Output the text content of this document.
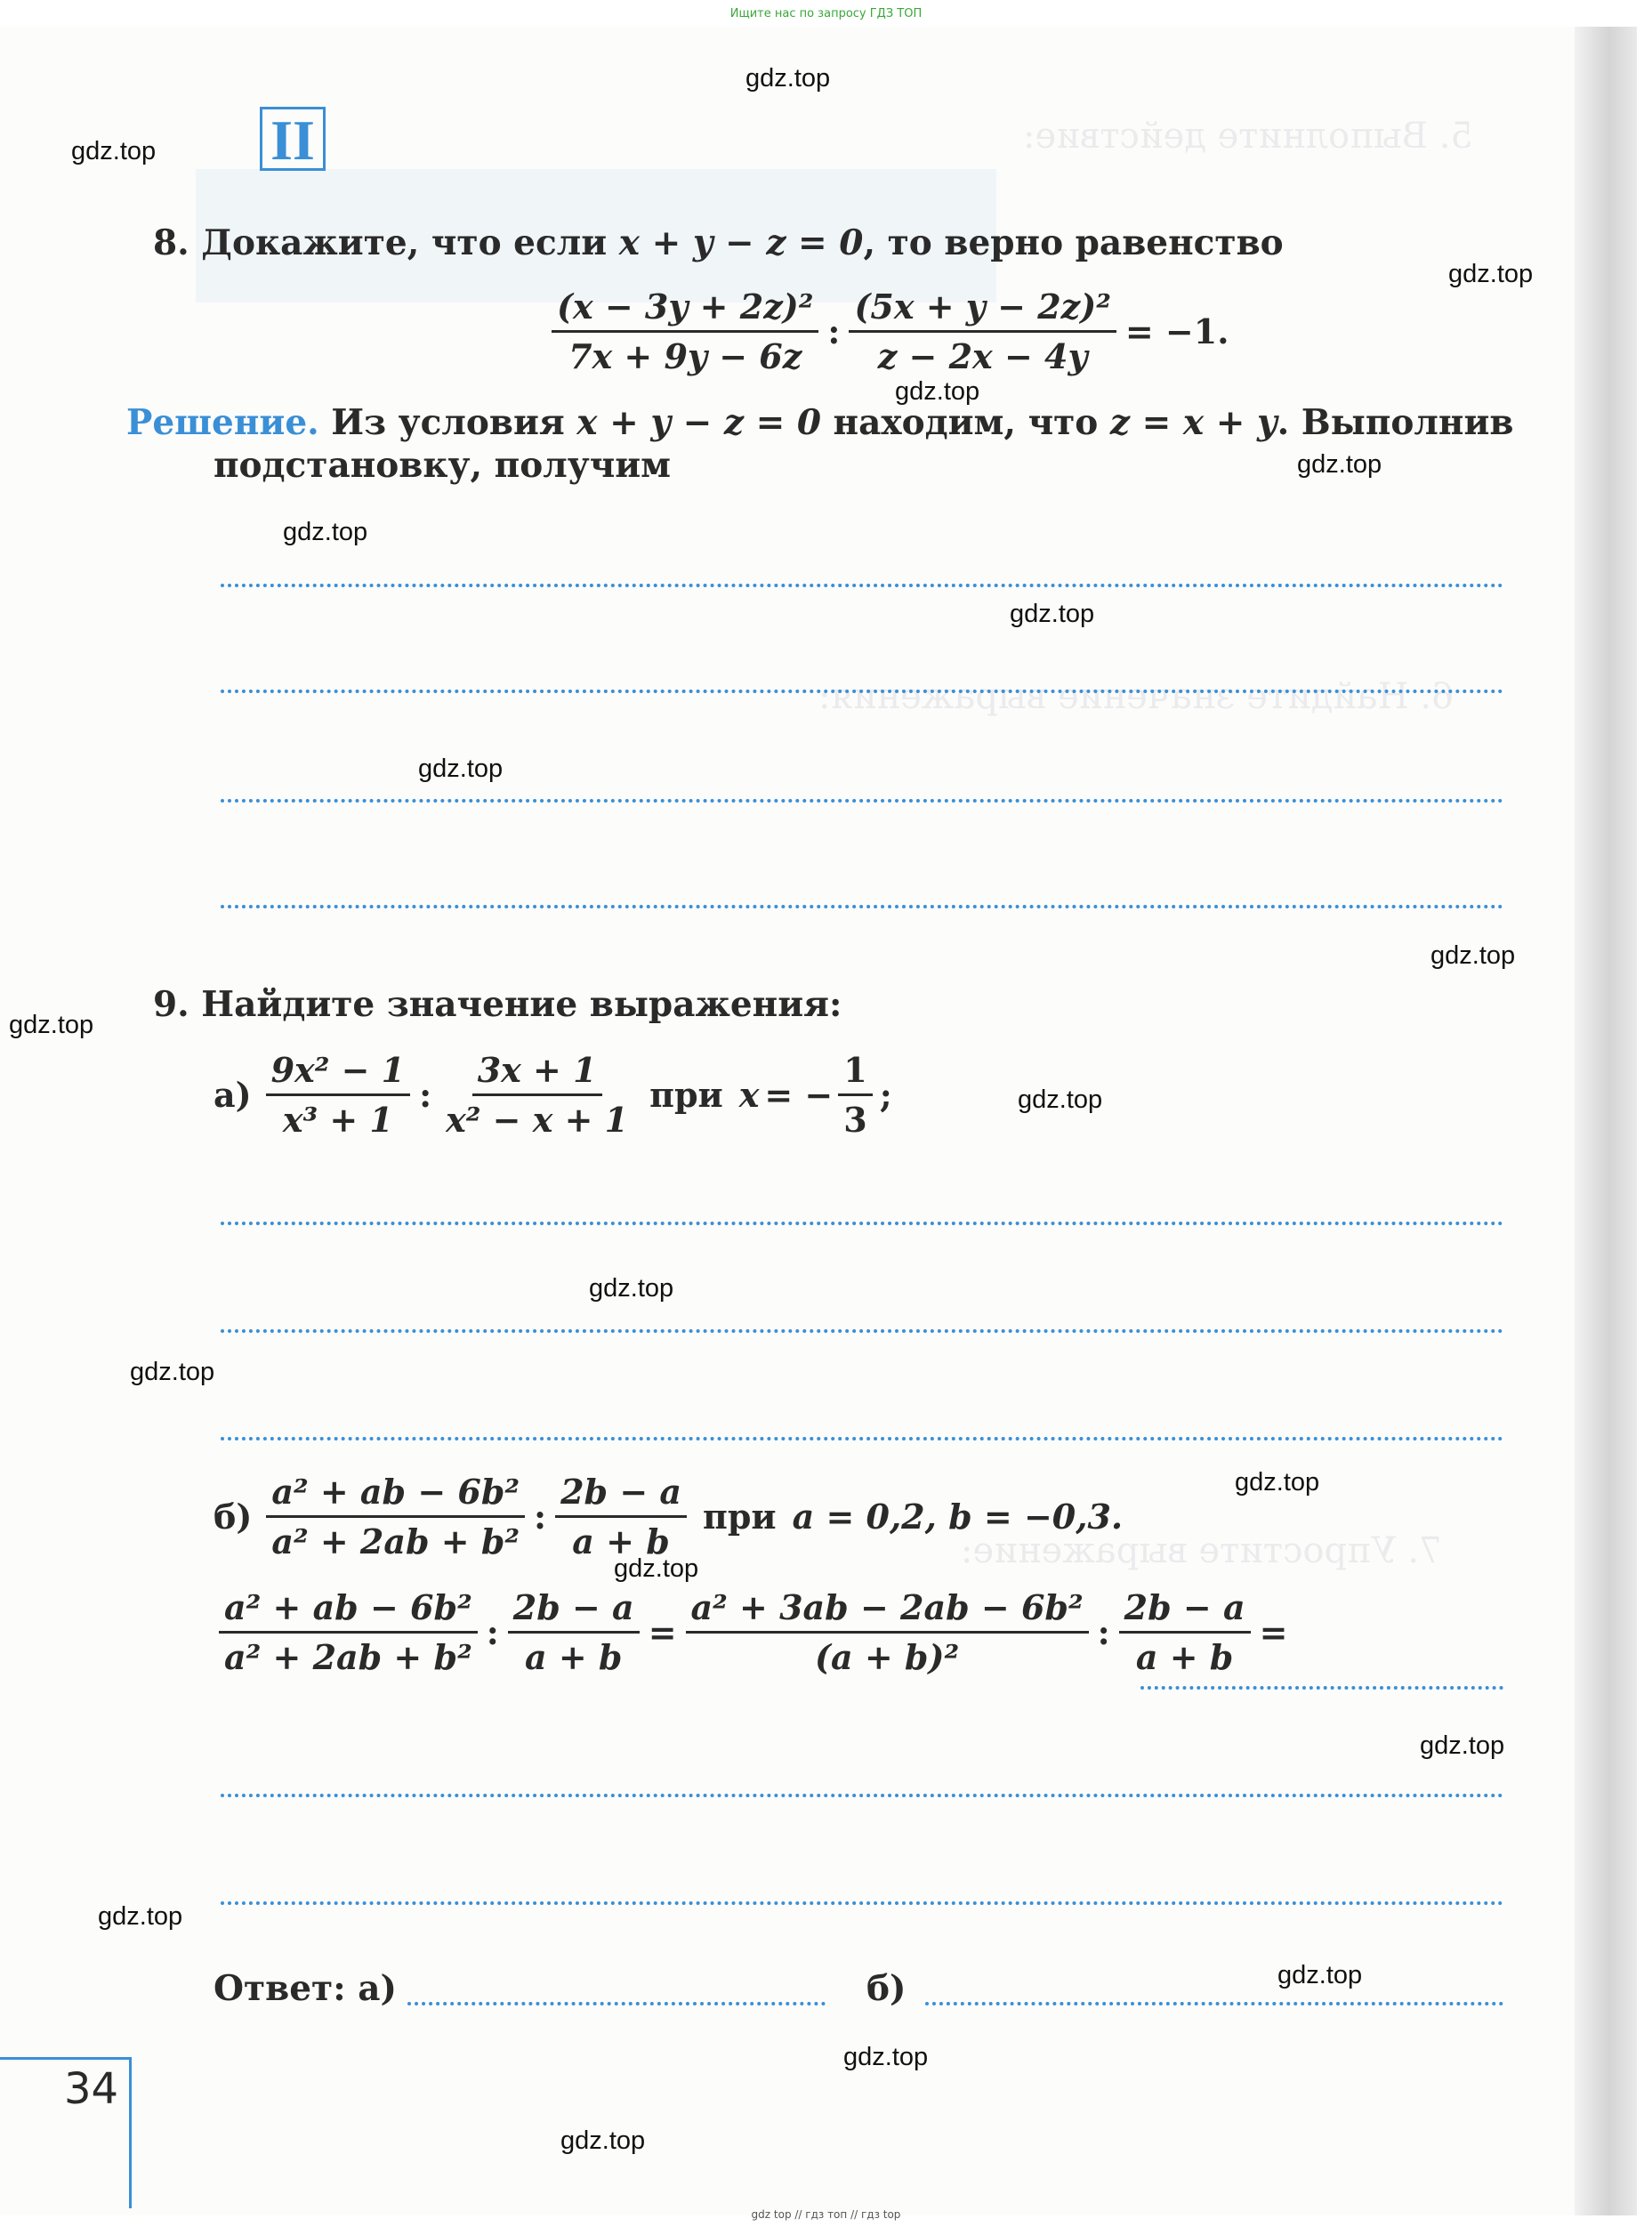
Ищите нас по запросу ГДЗ ТОП
5. Выполните действие:
6. Найдите значение выражения:
7. Упростите выражение:
II
8. Докажите, что если x + y − z = 0, то верно равенство
$\frac{\text{(x − 3y + 2z)²}}{7x + 9y - 6z}$ : $\frac{\text{(5x + y − 2z)²}}{z - 2x - 4y} = -1$.
Решение. Из условия x + y − z = 0 находим, что z = x + y. Выполнив
подстановку, получим
9. Найдите значение выражения:
$а) \frac{\text{9x² − 1}}{\text{x³ + 1}}$ : $\frac{3x + 1}{\text{x² − x + 1}}$ при x = − $\frac{1}{3}$ ;
$б) \frac{\text{a² + ab − 6b²}}{\text{a² + 2ab + b²}}$ : $\frac{2b - a}{a + b}$ при a = 0,2, b = −0,3.
$\frac{\text{a² + ab − 6b²}}{\text{a² + 2ab + b²}}$ : $\frac{2b - a}{a + b} = \frac{\text{a² + 3ab − 2ab − 6b²}}{\text{(a + b)²}}$ : $\frac{2b - a}{a + b}$ =
Ответ: а)	б)
34
gdz.top
gdz.top
gdz.top
gdz.top
gdz.top
gdz.top
gdz.top
gdz.top
gdz.top
gdz.top
gdz.top
gdz.top
gdz.top
gdz.top
gdz.top
gdz.top
gdz.top
gdz.top
gdz.top
gdz.top
gdz top // гдз топ // гдз top
